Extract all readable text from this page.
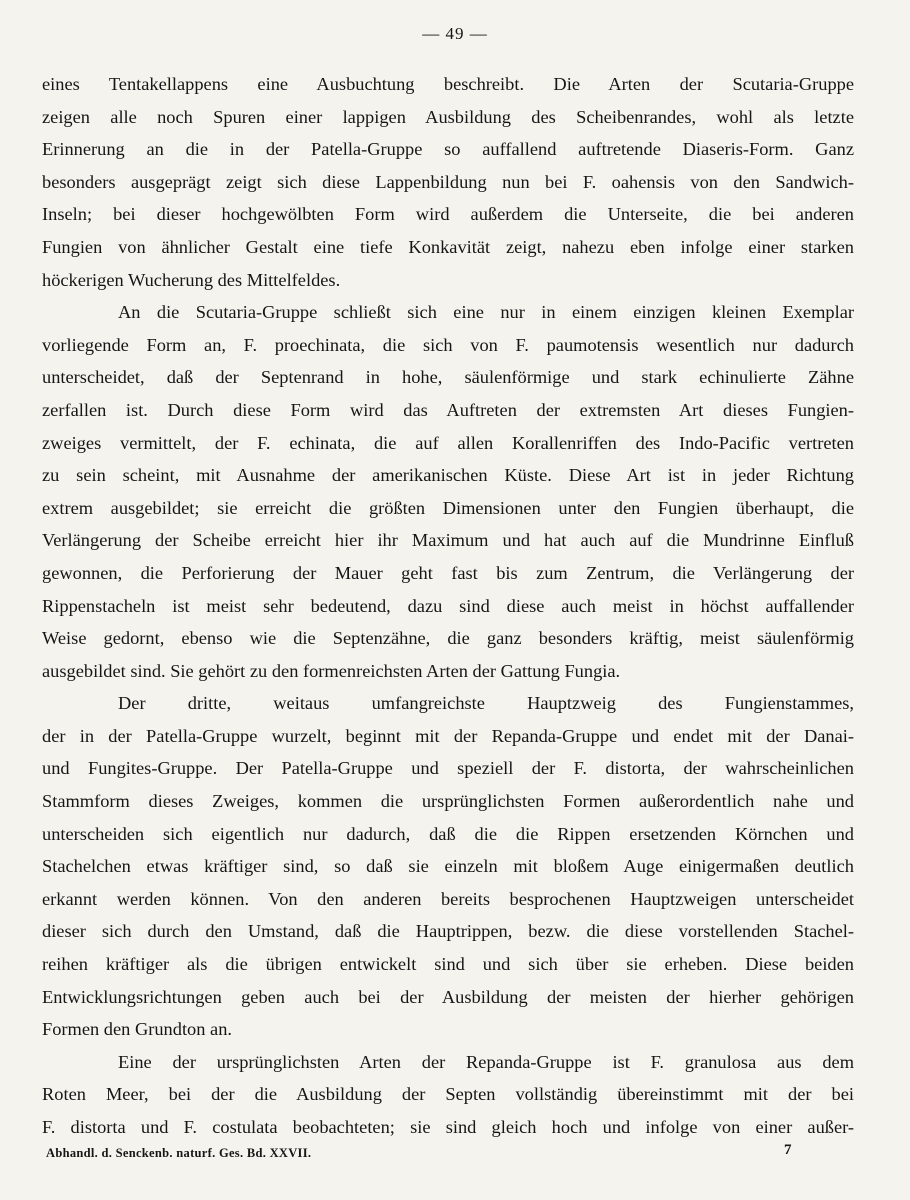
— 49 —
eines Tentakellappens eine Ausbuchtung beschreibt. Die Arten der Scutaria-Gruppe
zeigen alle noch Spuren einer lappigen Ausbildung des Scheibenrandes, wohl als letzte
Erinnerung an die in der Patella-Gruppe so auffallend auftretende Diaseris-Form. Ganz
besonders ausgeprägt zeigt sich diese Lappenbildung nun bei F. oahensis von den Sandwich-
Inseln; bei dieser hochgewölbten Form wird außerdem die Unterseite, die bei anderen
Fungien von ähnlicher Gestalt eine tiefe Konkavität zeigt, nahezu eben infolge einer starken
höckerigen Wucherung des Mittelfeldes.
An die Scutaria-Gruppe schließt sich eine nur in einem einzigen kleinen Exemplar
vorliegende Form an, F. proechinata, die sich von F. paumotensis wesentlich nur dadurch
unterscheidet, daß der Septenrand in hohe, säulenförmige und stark echinulierte Zähne
zerfallen ist. Durch diese Form wird das Auftreten der extremsten Art dieses Fungien-
zweiges vermittelt, der F. echinata, die auf allen Korallenriffen des Indo-Pacific vertreten
zu sein scheint, mit Ausnahme der amerikanischen Küste. Diese Art ist in jeder Richtung
extrem ausgebildet; sie erreicht die größten Dimensionen unter den Fungien überhaupt, die
Verlängerung der Scheibe erreicht hier ihr Maximum und hat auch auf die Mundrinne Einfluß
gewonnen, die Perforierung der Mauer geht fast bis zum Zentrum, die Verlängerung der
Rippenstacheln ist meist sehr bedeutend, dazu sind diese auch meist in höchst auffallender
Weise gedornt, ebenso wie die Septenzähne, die ganz besonders kräftig, meist säulenförmig
ausgebildet sind. Sie gehört zu den formenreichsten Arten der Gattung Fungia.
Der dritte, weitaus umfangreichste Hauptzweig des Fungienstammes,
der in der Patella-Gruppe wurzelt, beginnt mit der Repanda-Gruppe und endet mit der Danai-
und Fungites-Gruppe. Der Patella-Gruppe und speziell der F. distorta, der wahrscheinlichen
Stammform dieses Zweiges, kommen die ursprünglichsten Formen außerordentlich nahe und
unterscheiden sich eigentlich nur dadurch, daß die die Rippen ersetzenden Körnchen und
Stachelchen etwas kräftiger sind, so daß sie einzeln mit bloßem Auge einigermaßen deutlich
erkannt werden können. Von den anderen bereits besprochenen Hauptzweigen unterscheidet
dieser sich durch den Umstand, daß die Hauptrippen, bezw. die diese vorstellenden Stachel-
reihen kräftiger als die übrigen entwickelt sind und sich über sie erheben. Diese beiden
Entwicklungsrichtungen geben auch bei der Ausbildung der meisten der hierher gehörigen
Formen den Grundton an.
Eine der ursprünglichsten Arten der Repanda-Gruppe ist F. granulosa aus dem
Roten Meer, bei der die Ausbildung der Septen vollständig übereinstimmt mit der bei
F. distorta und F. costulata beobachteten; sie sind gleich hoch und infolge von einer außer-
Abhandl. d. Senckenb. naturf. Ges. Bd. XXVII.	7
